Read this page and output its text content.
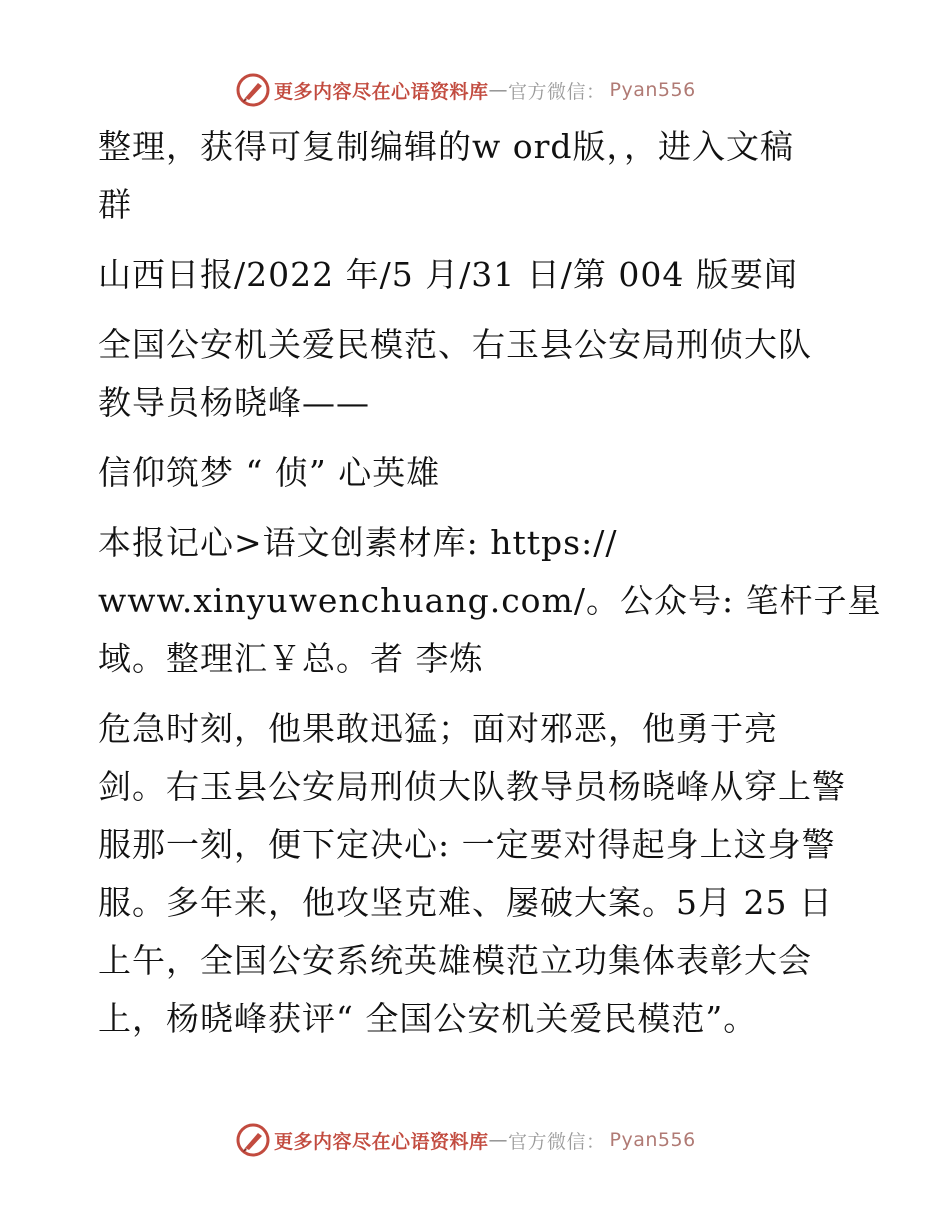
更多内容尽在心语资料库 — 官方微信： Pyan556
整理，获得可复制编辑的w ord版，，进入文稿
群
山西日报/2022 年/5 月/31 日/第 004 版要闻
全国公安机关爱民模范、右玉县公安局刑侦大队
教导员杨晓峰——
信仰筑梦 “ 侦” 心英雄
本报记心>语文创素材库: https://
www.xinyuwenchuang.com/。公众号: 笔杆子星
域。整理汇￥总。者 李炼
危急时刻，他果敢迅猛；面对邪恶，他勇于亮
剑。右玉县公安局刑侦大队教导员杨晓峰从穿上警
服那一刻，便下定决心: 一定要对得起身上这身警
服。多年来，他攻坚克难、屡破大案。5月 25 日
上午，全国公安系统英雄模范立功集体表彰大会
上，杨晓峰获评“ 全国公安机关爱民模范”。
更多内容尽在心语资料库 — 官方微信： Pyan556
